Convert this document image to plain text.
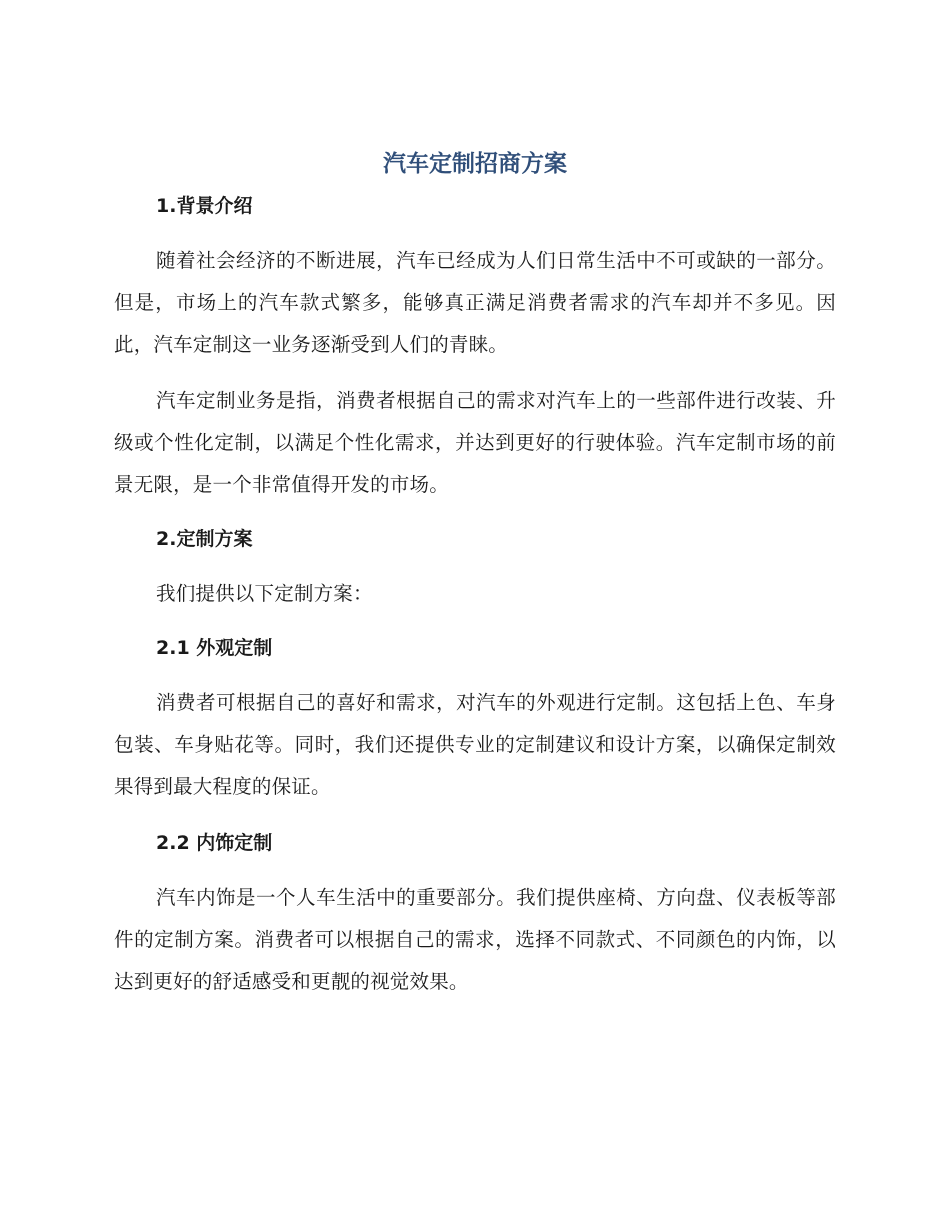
汽车定制招商方案
1.背景介绍

随着社会经济的不断进展，汽车已经成为人们日常生活中不可或缺的一部分。但是，市场上的汽车款式繁多，能够真正满足消费者需求的汽车却并不多见。因此，汽车定制这一业务逐渐受到人们的青睐。

汽车定制业务是指，消费者根据自己的需求对汽车上的一些部件进行改装、升级或个性化定制，以满足个性化需求，并达到更好的行驶体验。汽车定制市场的前景无限，是一个非常值得开发的市场。

2.定制方案

我们提供以下定制方案：

2.1 外观定制

消费者可根据自己的喜好和需求，对汽车的外观进行定制。这包括上色、车身包装、车身贴花等。同时，我们还提供专业的定制建议和设计方案，以确保定制效果得到最大程度的保证。

2.2 内饰定制

汽车内饰是一个人车生活中的重要部分。我们提供座椅、方向盘、仪表板等部件的定制方案。消费者可以根据自己的需求，选择不同款式、不同颜色的内饰，以达到更好的舒适感受和更靓的视觉效果。
